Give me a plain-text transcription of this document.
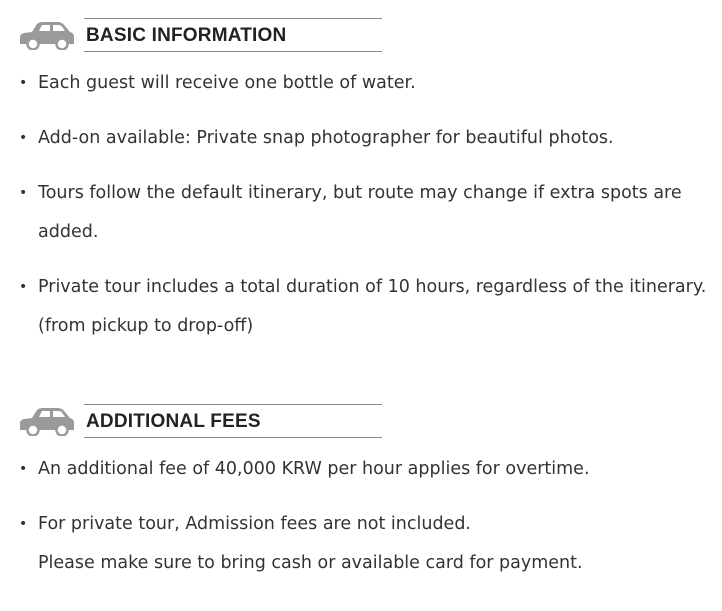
BASIC INFORMATION
• Each guest will receive one bottle of water.
• Add-on available: Private snap photographer for beautiful photos.
• Tours follow the default itinerary, but route may change if extra spots are
added.
• Private tour includes a total duration of 10 hours, regardless of the itinerary.
(from pickup to drop-off)
ADDITIONAL FEES
• An additional fee of 40,000 KRW per hour applies for overtime.
• For private tour, Admission fees are not included.
Please make sure to bring cash or available card for payment.
